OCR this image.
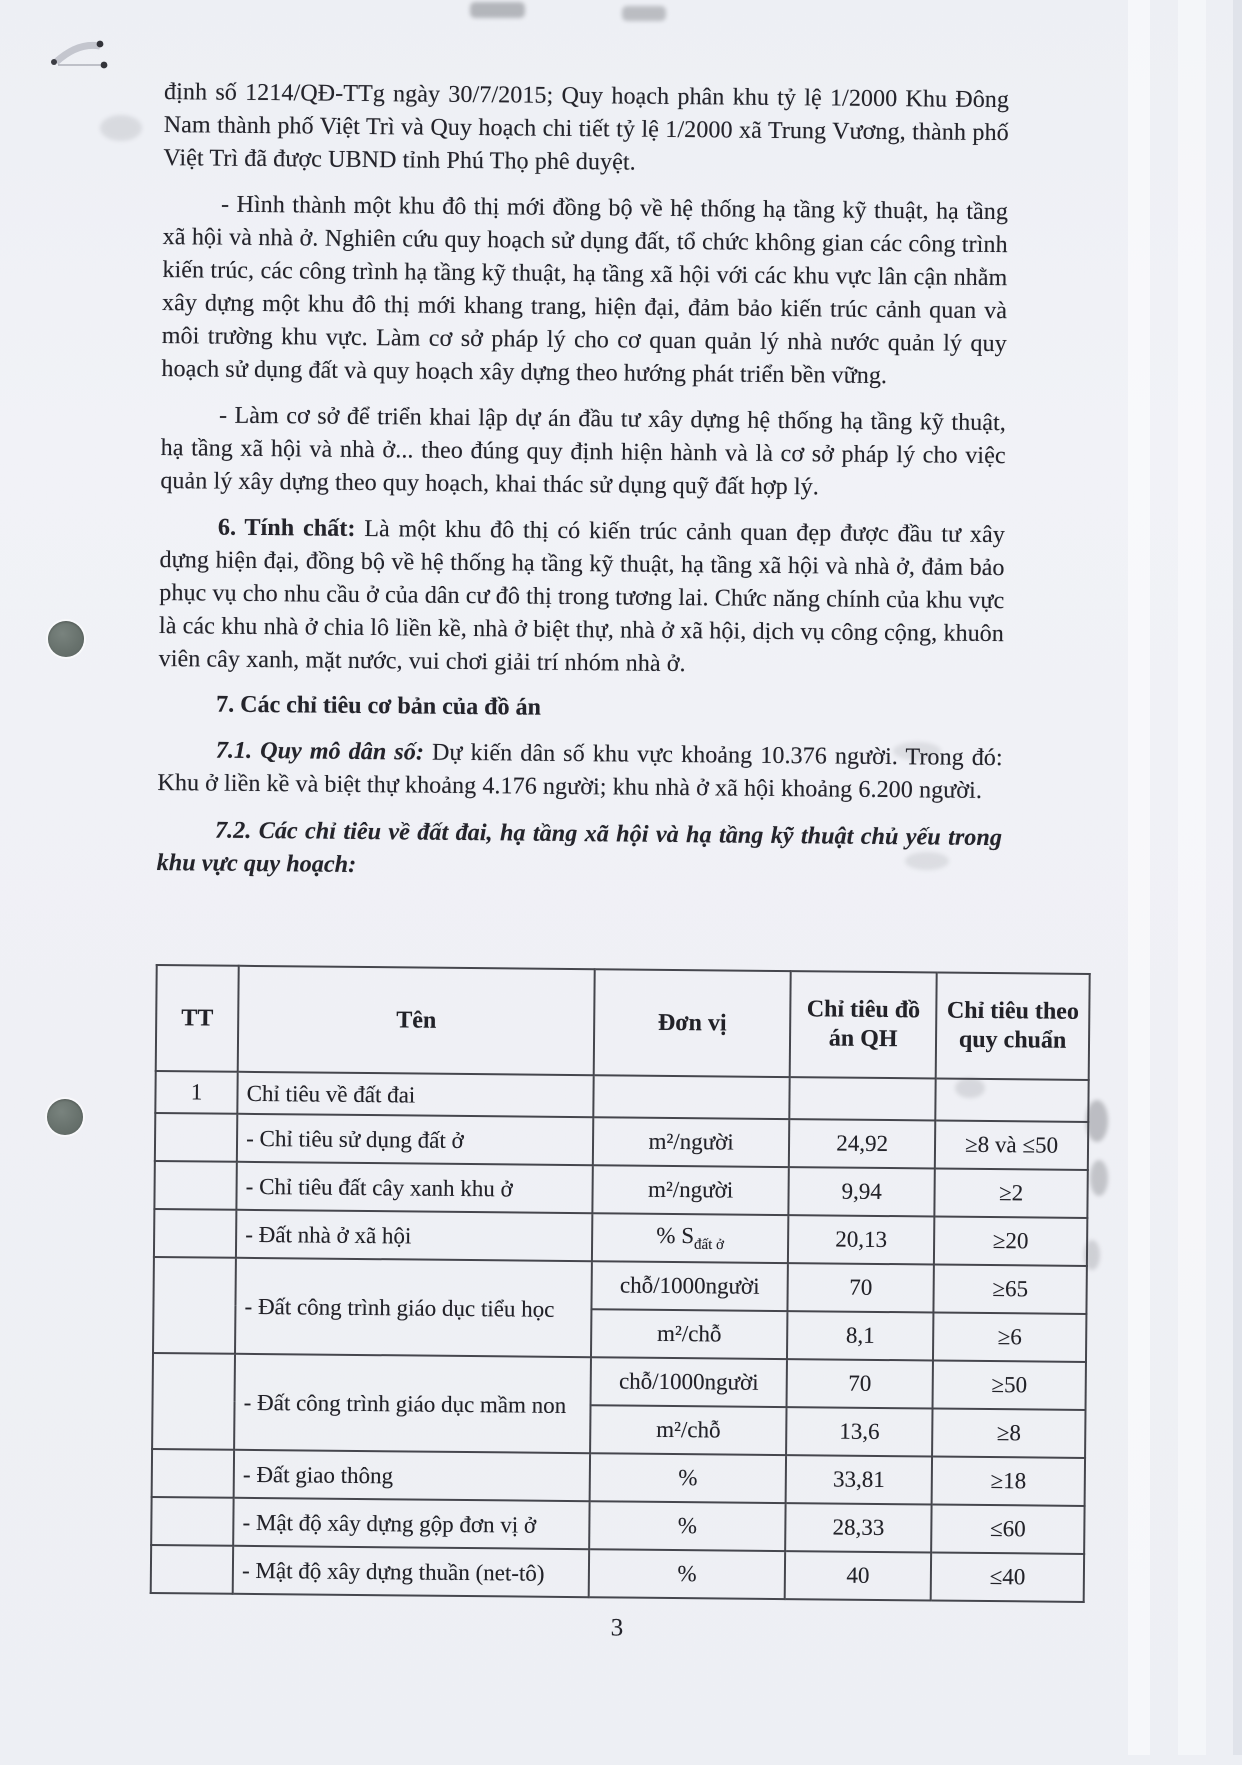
định số 1214/QĐ-TTg ngày 30/7/2015; Quy hoạch phân khu tỷ lệ 1/2000 Khu Đông Nam thành phố Việt Trì và Quy hoạch chi tiết tỷ lệ 1/2000 xã Trung Vương, thành phố Việt Trì đã được UBND tỉnh Phú Thọ phê duyệt.

- Hình thành một khu đô thị mới đồng bộ về hệ thống hạ tầng kỹ thuật, hạ tầng xã hội và nhà ở. Nghiên cứu quy hoạch sử dụng đất, tổ chức không gian các công trình kiến trúc, các công trình hạ tầng kỹ thuật, hạ tầng xã hội với các khu vực lân cận nhằm xây dựng một khu đô thị mới khang trang, hiện đại, đảm bảo kiến trúc cảnh quan và môi trường khu vực. Làm cơ sở pháp lý cho cơ quan quản lý nhà nước quản lý quy hoạch sử dụng đất và quy hoạch xây dựng theo hướng phát triển bền vững.

- Làm cơ sở để triển khai lập dự án đầu tư xây dựng hệ thống hạ tầng kỹ thuật, hạ tầng xã hội và nhà ở... theo đúng quy định hiện hành và là cơ sở pháp lý cho việc quản lý xây dựng theo quy hoạch, khai thác sử dụng quỹ đất hợp lý.

6. Tính chất: Là một khu đô thị có kiến trúc cảnh quan đẹp được đầu tư xây dựng hiện đại, đồng bộ về hệ thống hạ tầng kỹ thuật, hạ tầng xã hội và nhà ở, đảm bảo phục vụ cho nhu cầu ở của dân cư đô thị trong tương lai. Chức năng chính của khu vực là các khu nhà ở chia lô liền kề, nhà ở biệt thự, nhà ở xã hội, dịch vụ công cộng, khuôn viên cây xanh, mặt nước, vui chơi giải trí nhóm nhà ở.

7. Các chỉ tiêu cơ bản của đồ án

7.1. Quy mô dân số: Dự kiến dân số khu vực khoảng 10.376 người. Trong đó: Khu ở liền kề và biệt thự khoảng 4.176 người; khu nhà ở xã hội khoảng 6.200 người.

7.2. Các chỉ tiêu về đất đai, hạ tầng xã hội và hạ tầng kỹ thuật chủ yếu trong khu vực quy hoạch:

TT	Tên	Đơn vị	Chỉ tiêu đồ án QH	Chỉ tiêu theo quy chuẩn
1	Chỉ tiêu về đất đai			
	- Chỉ tiêu sử dụng đất ở	m²/người	24,92	≥8 và ≤50
	- Chỉ tiêu đất cây xanh khu ở	m²/người	9,94	≥2
	- Đất nhà ở xã hội	% $S_{đất ở}$	20,13	≥20
	- Đất công trình giáo dục tiểu học	chỗ/1000người	70	≥65
		m²/chỗ	8,1	≥6
	- Đất công trình giáo dục mầm non	chỗ/1000người	70	≥50
		m²/chỗ	13,6	≥8
	- Đất giao thông	%	33,81	≥18
	- Mật độ xây dựng gộp đơn vị ở	%	28,33	≤60
	- Mật độ xây dựng thuần (net-tô)	%	40	≤40
3
